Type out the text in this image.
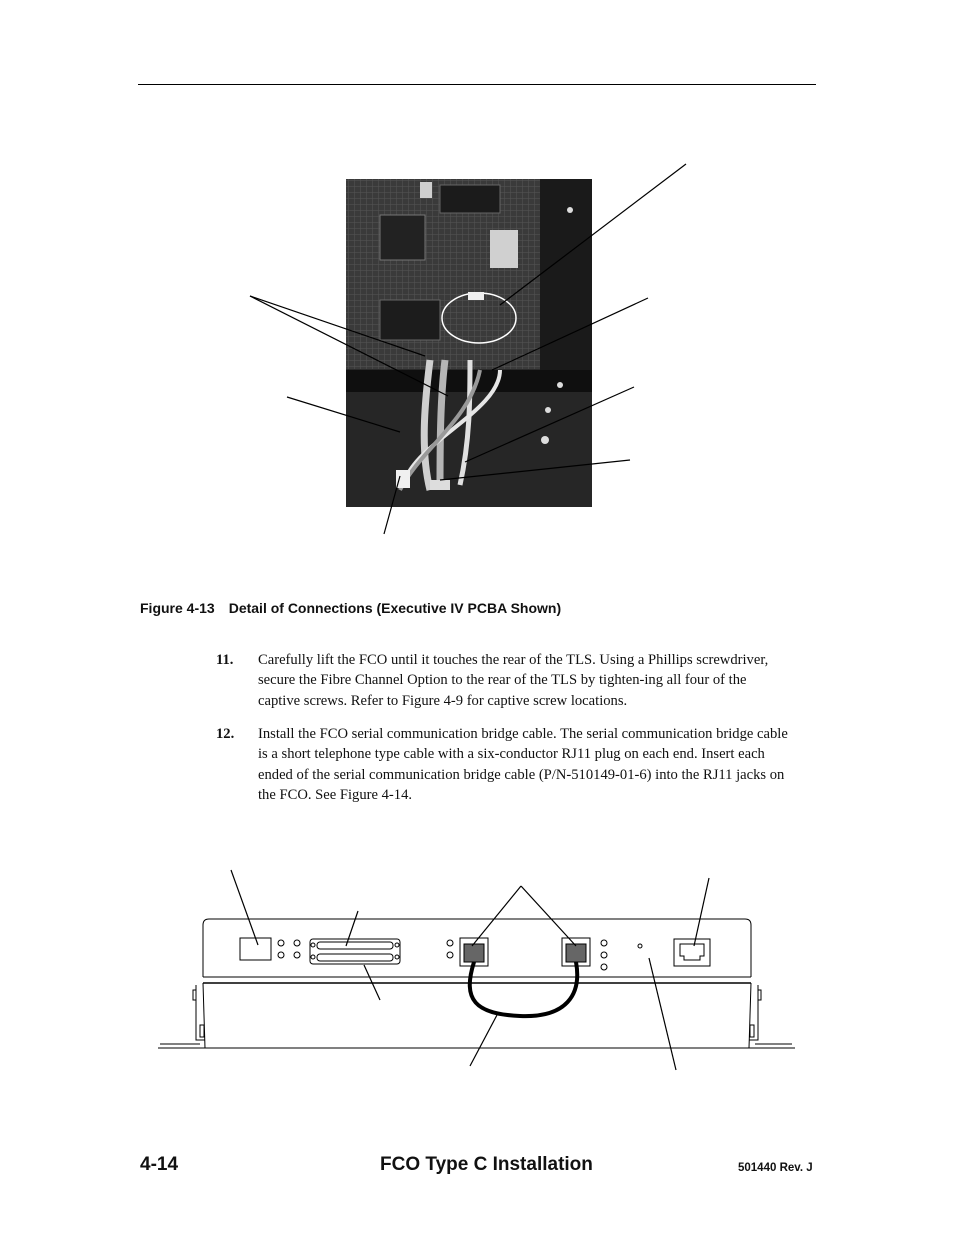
Figure 4-13 Detail of Connections (Executive IV PCBA Shown)
11. Carefully lift the FCO until it touches the rear of the TLS. Using a Phillips screwdriver, secure the Fibre Channel Option to the rear of the TLS by tighten-ing all four of the captive screws. Refer to Figure 4-9 for captive screw locations.
12. Install the FCO serial communication bridge cable. The serial communication bridge cable is a short telephone type cable with a six-conductor RJ11 plug on each end. Insert each ended of the serial communication bridge cable (P/N-510149-01-6) into the RJ11 jacks on the FCO. See Figure 4-14.
4-14	FCO Type C Installation	501440 Rev. J
